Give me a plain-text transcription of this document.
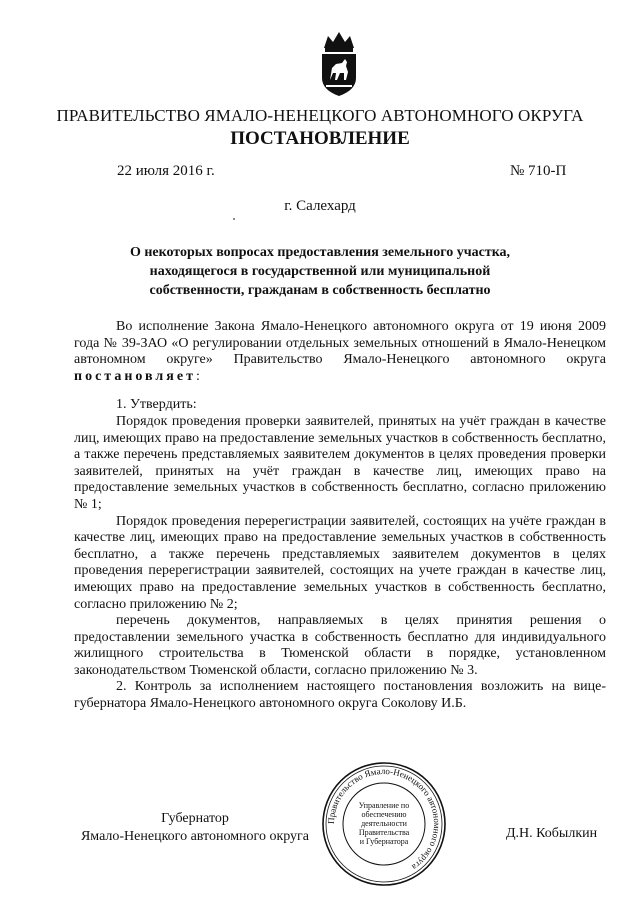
ПРАВИТЕЛЬСТВО ЯМАЛО-НЕНЕЦКОГО АВТОНОМНОГО ОКРУГА
ПОСТАНОВЛЕНИЕ
22 июля 2016 г.	№ 710-П
г. Салехард
О некоторых вопросах предоставления земельного участка,
находящегося в государственной или муниципальной
собственности, гражданам в собственность бесплатно

Во исполнение Закона Ямало-Ненецкого автономного округа от 19 июня 2009 года № 39-ЗАО «О регулировании отдельных земельных отношений в Ямало-Ненецком автономном округе» Правительство Ямало-Ненецкого автономного округа постановляет:

1. Утвердить:

Порядок проведения проверки заявителей, принятых на учёт граждан в качестве лиц, имеющих право на предоставление земельных участков в собственность бесплатно, а также перечень представляемых заявителем документов в целях проведения проверки заявителей, принятых на учёт граждан в качестве лиц, имеющих право на предоставление земельных участков в собственность бесплатно, согласно приложению № 1;

Порядок проведения перерегистрации заявителей, состоящих на учёте граждан в качестве лиц, имеющих право на предоставление земельных участков в собственность бесплатно, а также перечень представляемых заявителем документов в целях проведения перерегистрации заявителей, состоящих на учете граждан в качестве лиц, имеющих право на предоставление земельных участков в собственность бесплатно, согласно приложению № 2;

перечень документов, направляемых в целях принятия решения о предоставлении земельного участка в собственность бесплатно для индивидуального жилищного строительства в Тюменской области в порядке, установленном законодательством Тюменской области, согласно приложению № 3.

2. Контроль за исполнением настоящего постановления возложить на вице-губернатора Ямало-Ненецкого автономного округа Соколову И.Б.

Губернатор
Ямало-Ненецкого автономного округа
Правительство Ямало-Ненецкого автономного округа
Управление по
обеспечению
деятельности
Правительства
и Губернатора
Д.Н. Кобылкин
